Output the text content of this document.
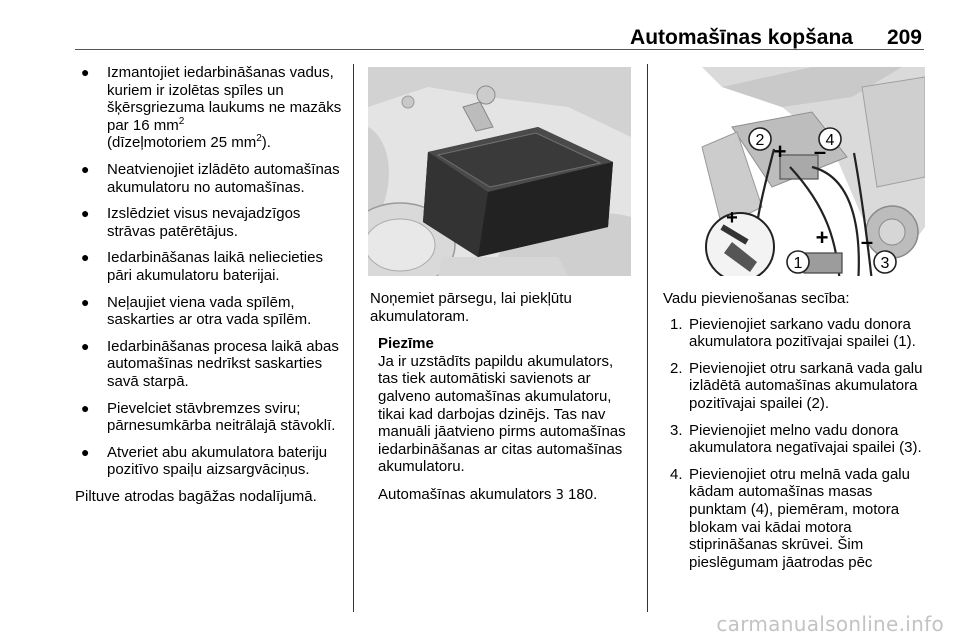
Automašīnas kopšana 209
● Izmantojiet iedarbināšanas vadus, kuriem ir izolētas spīles un šķērsgriezuma laukums ne mazāks par 16 $mm^2$
(dīzeļmotoriem 25 $mm^2$).
● Neatvienojiet izlādēto automašīnas akumulatoru no automašīnas.
● Izslēdziet visus nevajadzīgos strāvas patērētājus.
● Iedarbināšanas laikā neliecieties pāri akumulatoru baterijai.
● Neļaujiet viena vada spīlēm, saskarties ar otra vada spīlēm.
● Iedarbināšanas procesa laikā abas automašīnas nedrīkst saskarties savā starpā.
● Pievelciet stāvbremzes sviru; pārnesumkārba neitrālajā stāvoklī.
● Atveriet abu akumulatora bateriju pozitīvo spaiļu aizsargvāciņus.

Piltuve atrodas bagāžas nodalījumā.

Noņemiet pārsegu, lai piekļūtu akumulatoram.

Piezīme

Ja ir uzstādīts papildu akumulators, tas tiek automātiski savienots ar galveno automašīnas akumulatoru, tikai kad darbojas dzinējs. Tas nav manuāli jāatvieno pirms automašīnas iedarbināšanas ar citas automašīnas akumulatoru.

Automašīnas akumulators 3 180.

2	4
1	3
+
+
+
–
–

Vadu pievienošanas secība:

1. Pievienojiet sarkano vadu donora akumulatora pozitīvajai spailei (1).
2. Pievienojiet otru sarkanā vada galu izlādētā automašīnas akumulatora pozitīvajai spailei (2).
3. Pievienojiet melno vadu donora akumulatora negatīvajai spailei (3).
4. Pievienojiet otru melnā vada galu kādam automašīnas masas punktam (4), piemēram, motora blokam vai kādai motora stiprināšanas skrūvei. Šim pieslēgumam jāatrodas pēc
carmanualsonline.info
